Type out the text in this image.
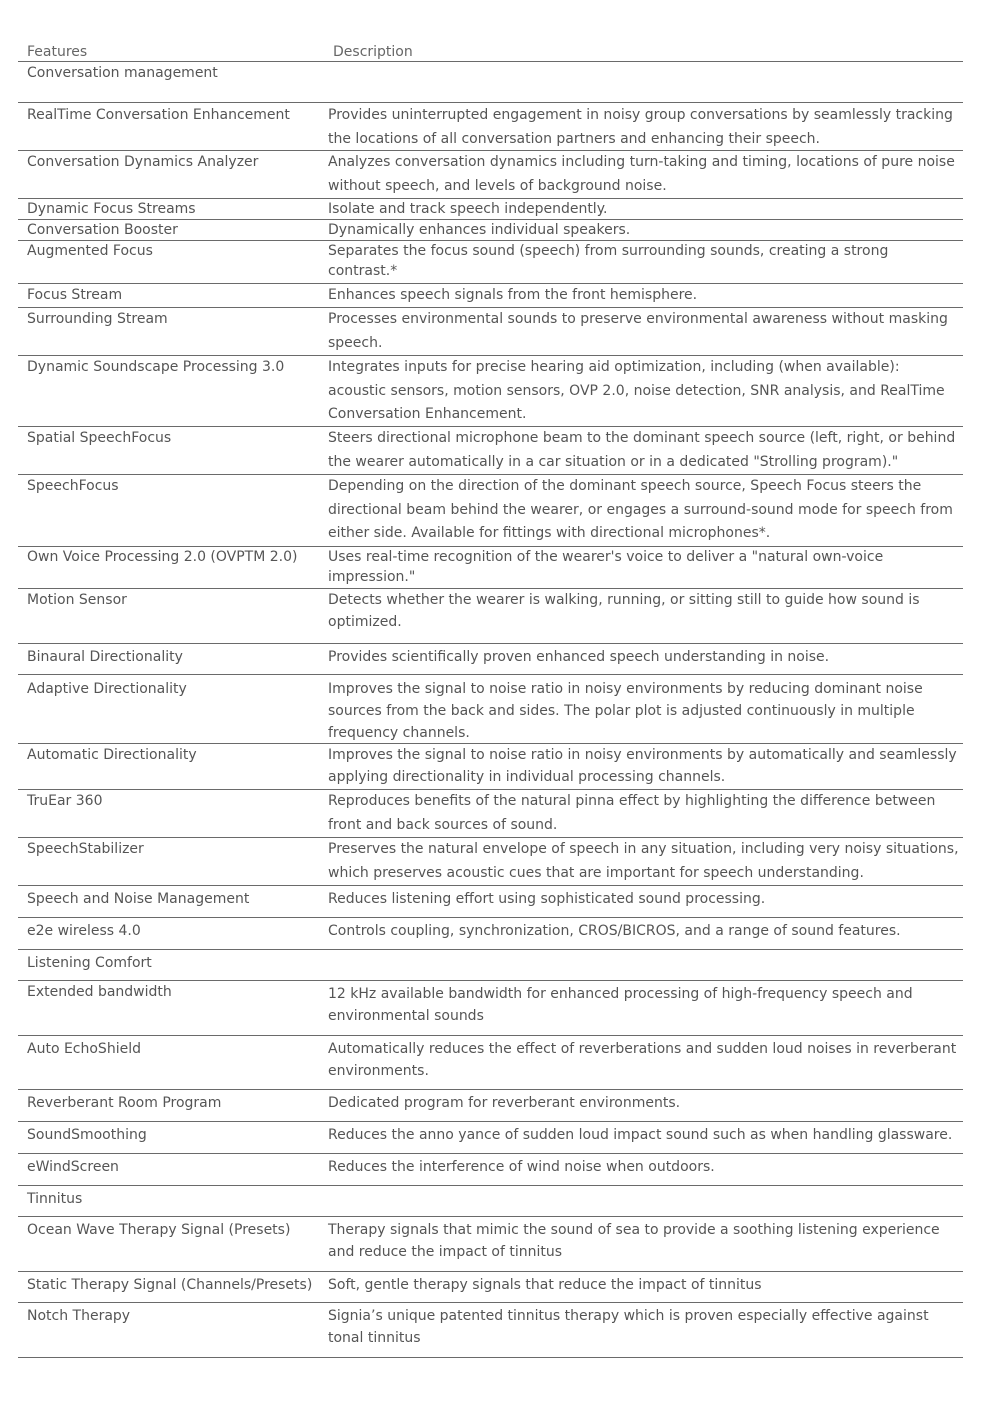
Features	Description
Conversation management
RealTime Conversation Enhancement	Provides uninterrupted engagement in noisy group conversations by seamlessly tracking the locations of all conversation partners and enhancing their speech.
Conversation Dynamics Analyzer	Analyzes conversation dynamics including turn-taking and timing, locations of pure noise without speech, and levels of background noise.
Dynamic Focus Streams	Isolate and track speech independently.
Conversation Booster	Dynamically enhances individual speakers.
Augmented Focus	Separates the focus sound (speech) from surrounding sounds, creating a strong contrast.*
Focus Stream	Enhances speech signals from the front hemisphere.
Surrounding Stream	Processes environmental sounds to preserve environmental awareness without masking speech.
Dynamic Soundscape Processing 3.0	Integrates inputs for precise hearing aid optimization, including (when available): acoustic sensors, motion sensors, OVP 2.0, noise detection, SNR analysis, and RealTime Conversation Enhancement.
Spatial SpeechFocus	Steers directional microphone beam to the dominant speech source (left, right, or behind the wearer automatically in a car situation or in a dedicated "Strolling program)."
SpeechFocus	Depending on the direction of the dominant speech source, Speech Focus steers the directional beam behind the wearer, or engages a surround-sound mode for speech from either side. Available for fittings with directional microphones*.
Own Voice Processing 2.0 (OVPTM 2.0)	Uses real-time recognition of the wearer's voice to deliver a "natural own-voice impression."
Motion Sensor	Detects whether the wearer is walking, running, or sitting still to guide how sound is optimized.
Binaural Directionality	Provides scientifically proven enhanced speech understanding in noise.
Adaptive Directionality	Improves the signal to noise ratio in noisy environments by reducing dominant noise sources from the back and sides. The polar plot is adjusted continuously in multiple frequency channels.
Automatic Directionality	Improves the signal to noise ratio in noisy environments by automatically and seamlessly applying directionality in individual processing channels.
TruEar 360	Reproduces benefits of the natural pinna effect by highlighting the difference between front and back sources of sound.
SpeechStabilizer	Preserves the natural envelope of speech in any situation, including very noisy situations, which preserves acoustic cues that are important for speech understanding.
Speech and Noise Management	Reduces listening effort using sophisticated sound processing.
e2e wireless 4.0	Controls coupling, synchronization, CROS/BICROS, and a range of sound features.
Listening Comfort
Extended bandwidth	12 kHz available bandwidth for enhanced processing of high-frequency speech and environmental sounds
Auto EchoShield	Automatically reduces the effect of reverberations and sudden loud noises in reverberant environments.
Reverberant Room Program	Dedicated program for reverberant environments.
SoundSmoothing	Reduces the anno yance of sudden loud impact sound such as when handling glassware.
eWindScreen	Reduces the interference of wind noise when outdoors.
Tinnitus
Ocean Wave Therapy Signal (Presets)	Therapy signals that mimic the sound of sea to provide a soothing listening experience and reduce the impact of tinnitus
Static Therapy Signal (Channels/Presets)	Soft, gentle therapy signals that reduce the impact of tinnitus
Notch Therapy	Signia’s unique patented tinnitus therapy which is proven especially effective against tonal tinnitus
